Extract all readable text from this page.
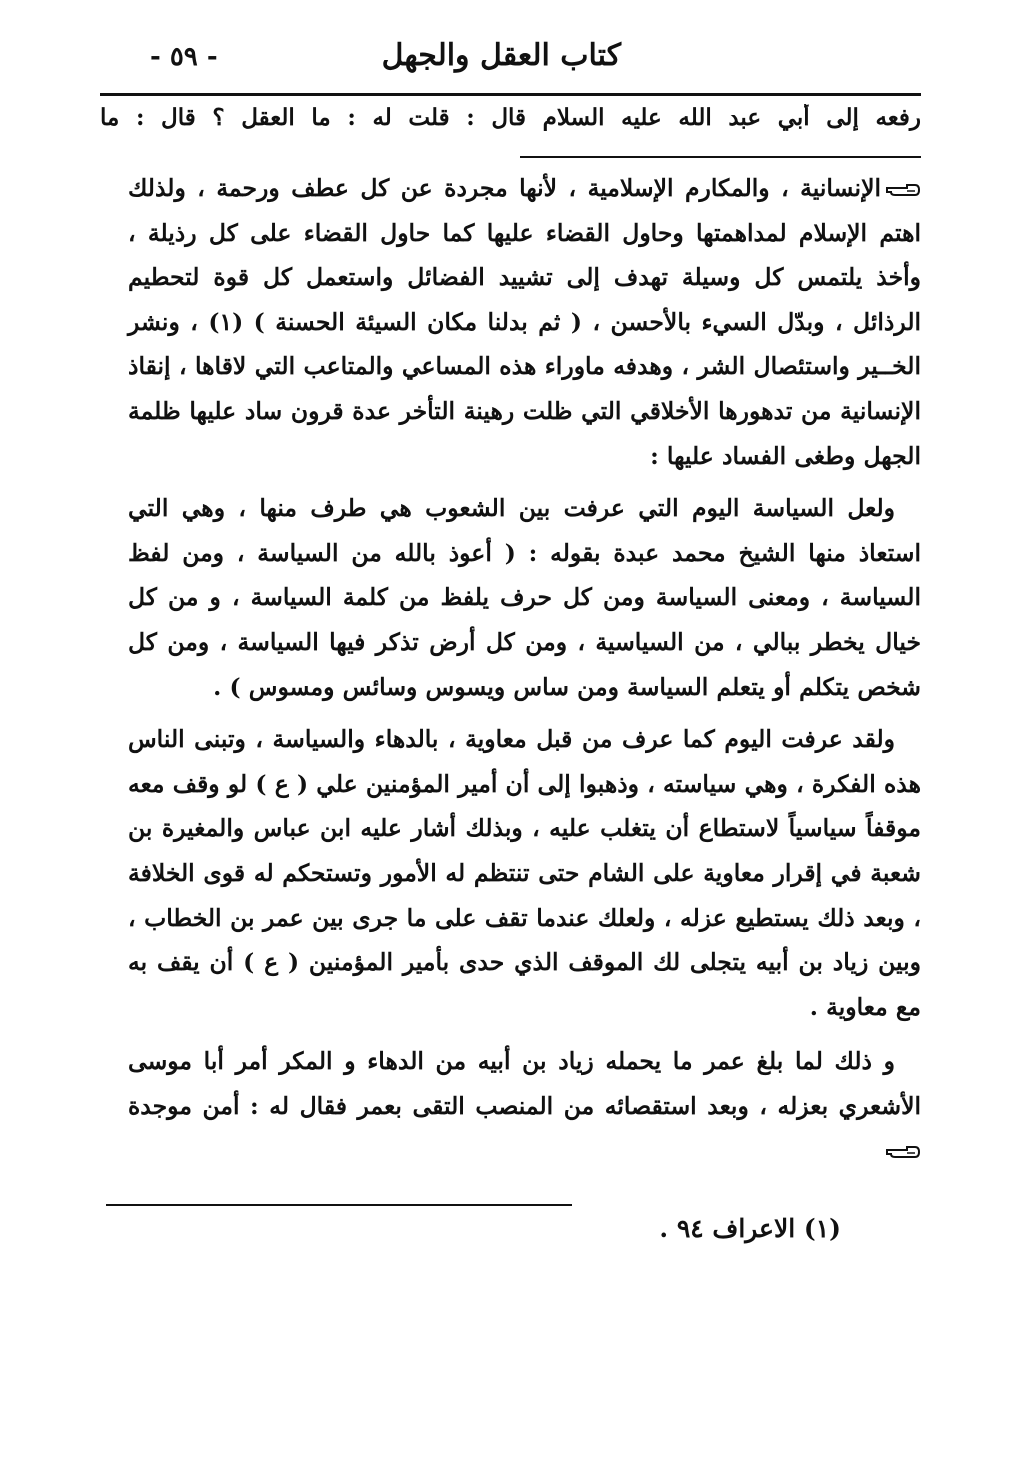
كتاب العقل والجهل
- ٥٩ -
رفعه إلى أبي عبد الله عليه السلام قال : قلت له : ما العقل ؟ قال : ما

الإنسانية ، والمكارم الإسلامية ، لأنها مجردة عن كل عطف ورحمة ، ولذلك اهتم الإسلام لمداهمتها وحاول القضاء عليها كما حاول القضاء على كل رذيلة ، وأخذ يلتمس كل وسيلة تهدف إلى تشييد الفضائل واستعمل كل قوة لتحطيم الرذائل ، وبدّل السيء بالأحسن ، ( ثم بدلنا مكان السيئة الحسنة ) (١) ، ونشر الخــير واستئصال الشر ، وهدفه ماوراء هذه المساعي والمتاعب التي لاقاها ، إنقاذ الإنسانية من تدهورها الأخلاقي التي ظلت رهينة التأخر عدة قرون ساد عليها ظلمة الجهل وطغى الفساد عليها :

ولعل السياسة اليوم التي عرفت بين الشعوب هي طرف منها ، وهي التي استعاذ منها الشيخ محمد عبدة بقوله : ( أعوذ بالله من السياسة ، ومن لفظ السياسة ، ومعنى السياسة ومن كل حرف يلفظ من كلمة السياسة ، و من كل خيال يخطر ببالي ، من السياسية ، ومن كل أرض تذكر فيها السياسة ، ومن كل شخص يتكلم أو يتعلم السياسة ومن ساس ويسوس وسائس ومسوس ) .

ولقد عرفت اليوم كما عرف من قبل معاوية ، بالدهاء والسياسة ، وتبنى الناس هذه الفكرة ، وهي سياسته ، وذهبوا إلى أن أمير المؤمنين علي ( ع ) لو وقف معه موقفاً سياسياً لاستطاع أن يتغلب عليه ، وبذلك أشار عليه ابن عباس والمغيرة بن شعبة في إقرار معاوية على الشام حتى تنتظم له الأمور وتستحكم له قوى الخلافة ، وبعد ذلك يستطيع عزله ، ولعلك عندما تقف على ما جرى بين عمر بن الخطاب ، وبين زياد بن أبيه يتجلى لك الموقف الذي حدى بأمير المؤمنين ( ع ) أن يقف به مع معاوية .

و ذلك لما بلغ عمر ما يحمله زياد بن أبيه من الدهاء و المكر أمر أبا موسى الأشعري بعزله ، وبعد استقصائه من المنصب التقى بعمر فقال له : أمن موجدة

(١) الاعراف ٩٤ .
